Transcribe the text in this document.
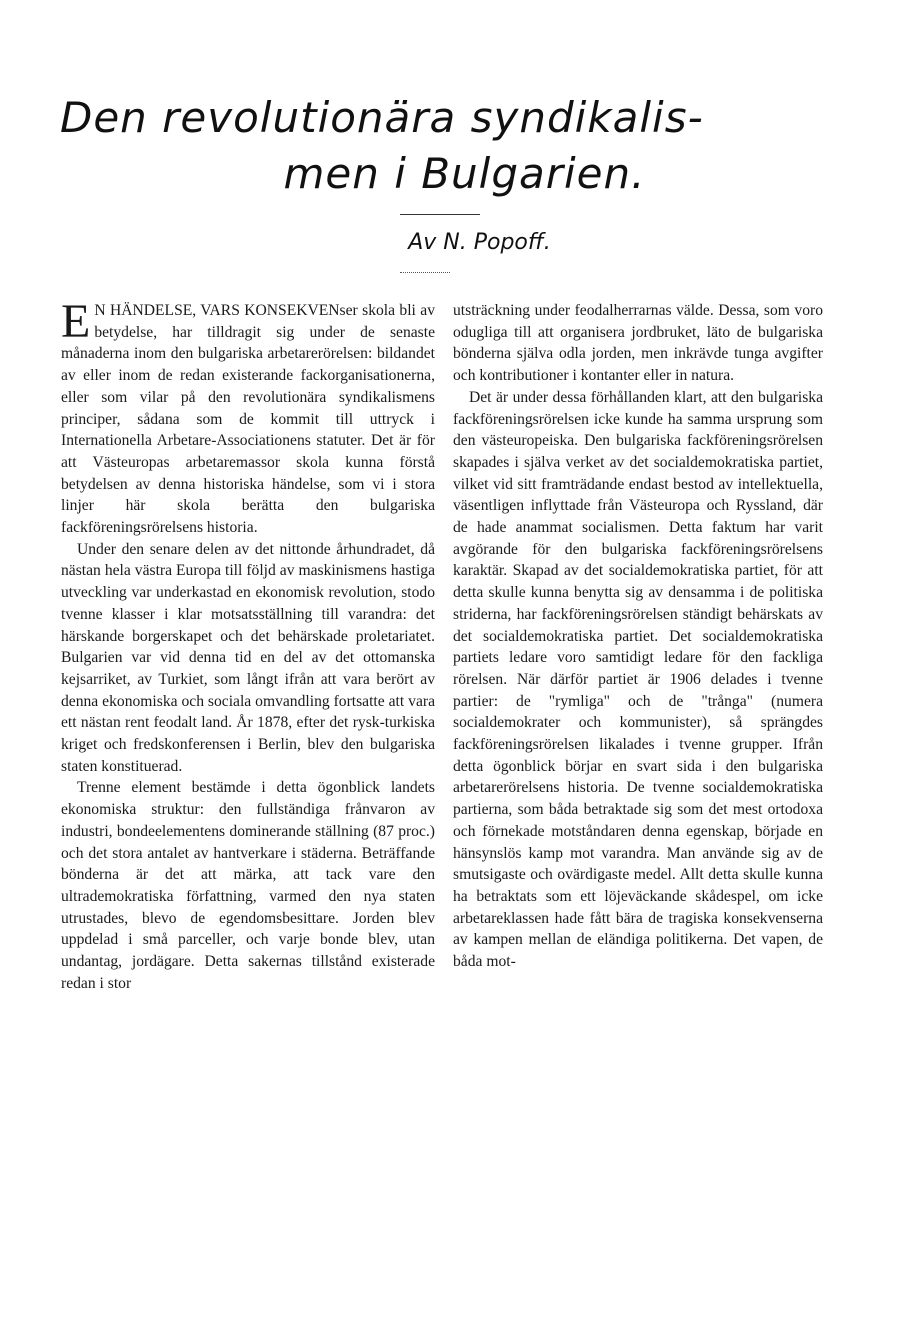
Den revolutionära syndikalis-
men i Bulgarien.
Av N. Popoff.

E N HÄNDELSE, VARS KONSEKVENser skola bli av betydelse, har tilldragit sig under de senaste månaderna inom den bulgariska arbetarerörelsen: bildandet av eller inom de redan existerande fackorganisationerna, eller som vilar på den revolutionära syndikalismens principer, sådana som de kommit till uttryck i Internationella Arbetare-Associationens statuter. Det är för att Västeuropas arbetaremassor skola kunna förstå betydelsen av denna historiska händelse, som vi i stora linjer här skola berätta den bulgariska fackföreningsrörelsens historia.

Under den senare delen av det nittonde århundradet, då nästan hela västra Europa till följd av maskinismens hastiga utveckling var underkastad en ekonomisk revolution, stodo tvenne klasser i klar motsatsställning till varandra: det härskande borgerskapet och det behärskade proletariatet. Bulgarien var vid denna tid en del av det ottomanska kejsarriket, av Turkiet, som långt ifrån att vara berört av denna ekonomiska och sociala omvandling fortsatte att vara ett nästan rent feodalt land. År 1878, efter det rysk-turkiska kriget och fredskonferensen i Berlin, blev den bulgariska staten konstituerad.

Trenne element bestämde i detta ögonblick landets ekonomiska struktur: den fullständiga frånvaron av industri, bondeelementens dominerande ställning (87 proc.) och det stora antalet av hantverkare i städerna. Beträffande bönderna är det att märka, att tack vare den ultrademokratiska författning, varmed den nya staten utrustades, blevo de egendomsbesittare. Jorden blev uppdelad i små parceller, och varje bonde blev, utan undantag, jordägare. Detta sakernas tillstånd existerade redan i stor

utsträckning under feodalherrarnas välde. Dessa, som voro odugliga till att organisera jordbruket, läto de bulgariska bönderna själva odla jorden, men inkrävde tunga avgifter och kontributioner i kontanter eller in natura.

Det är under dessa förhållanden klart, att den bulgariska fackföreningsrörelsen icke kunde ha samma ursprung som den västeuropeiska. Den bulgariska fackföreningsrörelsen skapades i själva verket av det socialdemokratiska partiet, vilket vid sitt framträdande endast bestod av intellektuella, väsentligen inflyttade från Västeuropa och Ryssland, där de hade anammat socialismen. Detta faktum har varit avgörande för den bulgariska fackföreningsrörelsens karaktär. Skapad av det socialdemokratiska partiet, för att detta skulle kunna benytta sig av densamma i de politiska striderna, har fackföreningsrörelsen ständigt behärskats av det socialdemokratiska partiet. Det socialdemokratiska partiets ledare voro samtidigt ledare för den fackliga rörelsen. När därför partiet är 1906 delades i tvenne partier: de "rymliga" och de "trånga" (numera socialdemokrater och kommunister), så sprängdes fackföreningsrörelsen likalades i tvenne grupper. Ifrån detta ögonblick börjar en svart sida i den bulgariska arbetarerörelsens historia. De tvenne socialdemokratiska partierna, som båda betraktade sig som det mest ortodoxa och förnekade motståndaren denna egenskap, började en hänsynslös kamp mot varandra. Man använde sig av de smutsigaste och ovärdigaste medel. Allt detta skulle kunna ha betraktats som ett löjeväckande skådespel, om icke arbetareklassen hade fått bära de tragiska konsekvenserna av kampen mellan de eländiga politikerna. Det vapen, de båda mot-
